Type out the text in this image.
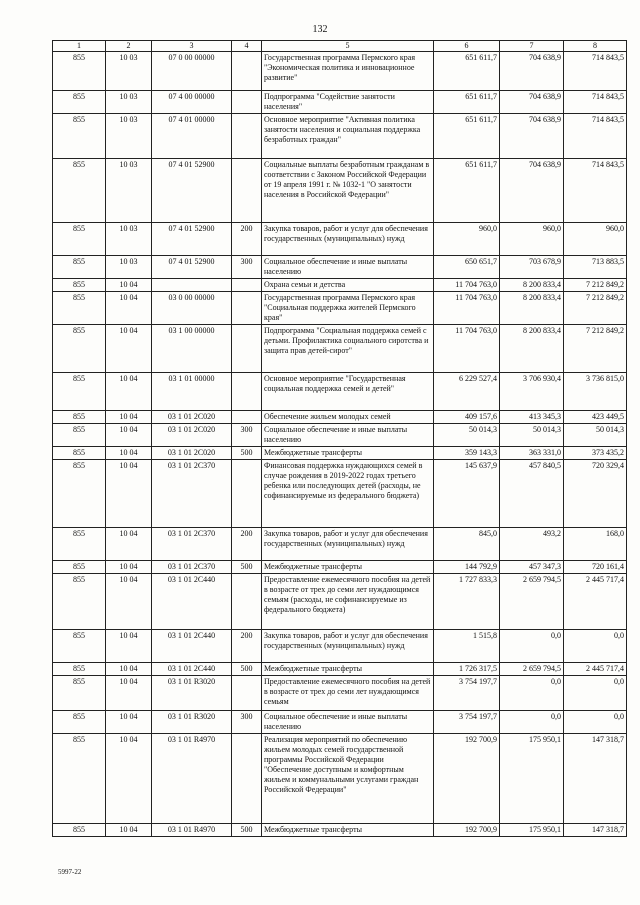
132
1	2	3	4	5	6	7	8
855	10 03	07 0 00 00000		Государственная программа Пермского края "Экономическая политика и инновационное развитие"	651 611,7	704 638,9	714 843,5
855	10 03	07 4 00 00000		Подпрограмма "Содействие занятости населения"	651 611,7	704 638,9	714 843,5
855	10 03	07 4 01 00000		Основное мероприятие "Активная политика занятости населения и социальная поддержка безработных граждан"	651 611,7	704 638,9	714 843,5
855	10 03	07 4 01 52900		Социальные выплаты безработным гражданам в соответствии с Законом Российской Федерации от 19 апреля 1991 г. № 1032-1 "О занятости населения в Российской Федерации"	651 611,7	704 638,9	714 843,5
855	10 03	07 4 01 52900	200	Закупка товаров, работ и услуг для обеспечения государственных (муниципальных) нужд	960,0	960,0	960,0
855	10 03	07 4 01 52900	300	Социальное обеспечение и иные выплаты населению	650 651,7	703 678,9	713 883,5
855	10 04			Охрана семьи и детства	11 704 763,0	8 200 833,4	7 212 849,2
855	10 04	03 0 00 00000		Государственная программа Пермского края "Социальная поддержка жителей Пермского края"	11 704 763,0	8 200 833,4	7 212 849,2
855	10 04	03 1 00 00000		Подпрограмма "Социальная поддержка семей с детьми. Профилактика социального сиротства и защита прав детей-сирот"	11 704 763,0	8 200 833,4	7 212 849,2
855	10 04	03 1 01 00000		Основное мероприятие "Государственная социальная поддержка семей и детей"	6 229 527,4	3 706 930,4	3 736 815,0
855	10 04	03 1 01 2C020		Обеспечение жильем молодых семей	409 157,6	413 345,3	423 449,5
855	10 04	03 1 01 2C020	300	Социальное обеспечение и иные выплаты населению	50 014,3	50 014,3	50 014,3
855	10 04	03 1 01 2C020	500	Межбюджетные трансферты	359 143,3	363 331,0	373 435,2
855	10 04	03 1 01 2C370		Финансовая поддержка нуждающихся семей в случае рождения в 2019-2022 годах третьего ребенка или последующих детей (расходы, не софинансируемые из федерального бюджета)	145 637,9	457 840,5	720 329,4
855	10 04	03 1 01 2C370	200	Закупка товаров, работ и услуг для обеспечения государственных (муниципальных) нужд	845,0	493,2	168,0
855	10 04	03 1 01 2C370	500	Межбюджетные трансферты	144 792,9	457 347,3	720 161,4
855	10 04	03 1 01 2C440		Предоставление ежемесячного пособия на детей в возрасте от трех до семи лет нуждающимся семьям (расходы, не софинансируемые из федерального бюджета)	1 727 833,3	2 659 794,5	2 445 717,4
855	10 04	03 1 01 2C440	200	Закупка товаров, работ и услуг для обеспечения государственных (муниципальных) нужд	1 515,8	0,0	0,0
855	10 04	03 1 01 2C440	500	Межбюджетные трансферты	1 726 317,5	2 659 794,5	2 445 717,4
855	10 04	03 1 01 R3020		Предоставление ежемесячного пособия на детей в возрасте от трех до семи лет нуждающимся семьям	3 754 197,7	0,0	0,0
855	10 04	03 1 01 R3020	300	Социальное обеспечение и иные выплаты населению	3 754 197,7	0,0	0,0
855	10 04	03 1 01 R4970		Реализация мероприятий по обеспечению жильем молодых семей государственной программы Российской Федерации "Обеспечение доступным и комфортным жильем и коммунальными услугами граждан Российской Федерации"	192 700,9	175 950,1	147 318,7
855	10 04	03 1 01 R4970	500	Межбюджетные трансферты	192 700,9	175 950,1	147 318,7
5997-22
